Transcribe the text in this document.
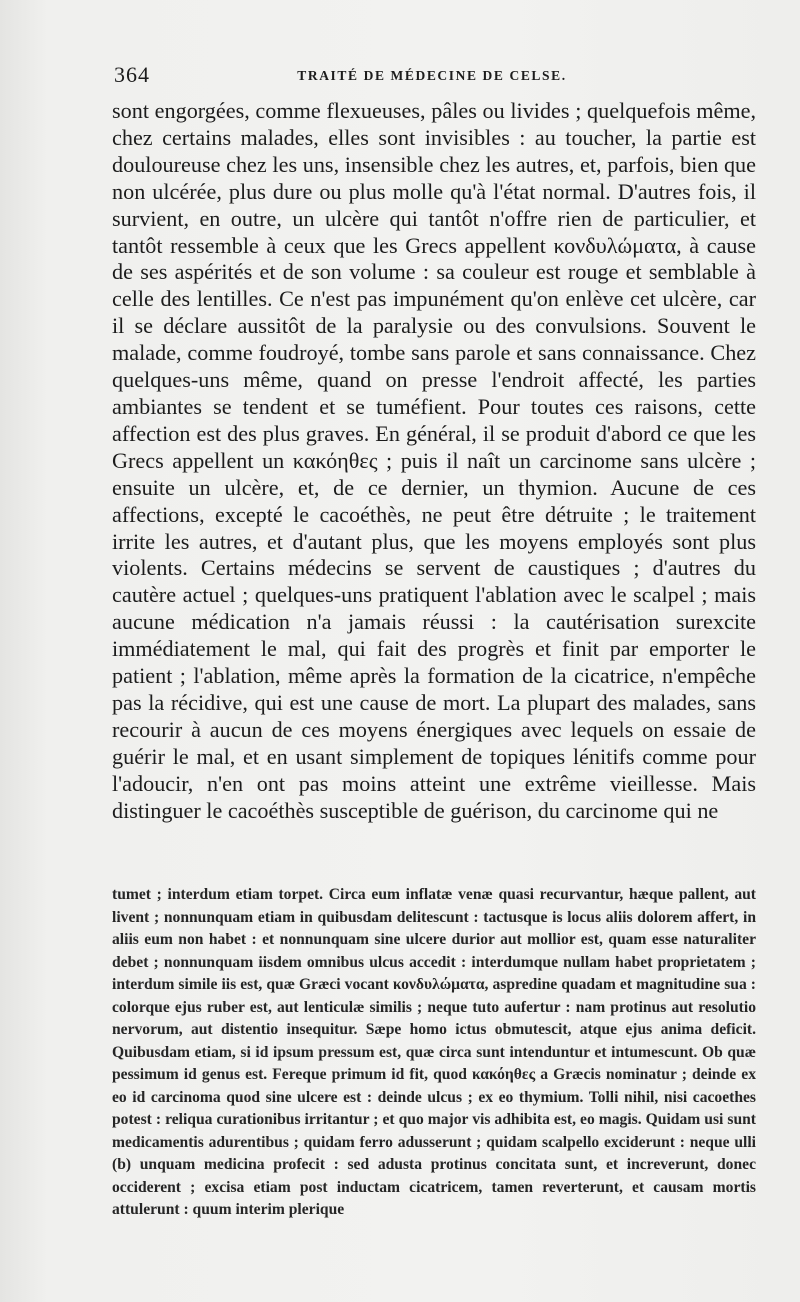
364	TRAITÉ DE MÉDECINE DE CELSE.

sont engorgées, comme flexueuses, pâles ou livides ; quelquefois même, chez certains malades, elles sont invisibles : au toucher, la partie est douloureuse chez les uns, insensible chez les autres, et, parfois, bien que non ulcérée, plus dure ou plus molle qu'à l'état normal. D'autres fois, il survient, en outre, un ulcère qui tantôt n'offre rien de particulier, et tantôt ressemble à ceux que les Grecs appellent κονδυλώματα, à cause de ses aspérités et de son volume : sa couleur est rouge et semblable à celle des lentilles. Ce n'est pas impunément qu'on enlève cet ulcère, car il se déclare aussitôt de la paralysie ou des convulsions. Souvent le malade, comme foudroyé, tombe sans parole et sans connaissance. Chez quelques-uns même, quand on presse l'endroit affecté, les parties ambiantes se tendent et se tuméfient. Pour toutes ces raisons, cette affection est des plus graves. En général, il se produit d'abord ce que les Grecs appellent un κακόηθες ; puis il naît un carcinome sans ulcère ; ensuite un ulcère, et, de ce dernier, un thymion. Aucune de ces affections, excepté le cacoéthès, ne peut être détruite ; le traitement irrite les autres, et d'autant plus, que les moyens employés sont plus violents. Certains médecins se servent de caustiques ; d'autres du cautère actuel ; quelques-uns pratiquent l'ablation avec le scalpel ; mais aucune médication n'a jamais réussi : la cautérisation surexcite immédiatement le mal, qui fait des progrès et finit par emporter le patient ; l'ablation, même après la formation de la cicatrice, n'empêche pas la récidive, qui est une cause de mort. La plupart des malades, sans recourir à aucun de ces moyens énergiques avec lequels on essaie de guérir le mal, et en usant simplement de topiques lénitifs comme pour l'adoucir, n'en ont pas moins atteint une extrême vieillesse. Mais distinguer le cacoéthès susceptible de guérison, du carcinome qui ne

tumet ; interdum etiam torpet. Circa eum inflatæ venæ quasi recurvantur, hæque pallent, aut livent ; nonnunquam etiam in quibusdam delitescunt : tactusque is locus aliis dolorem affert, in aliis eum non habet : et nonnunquam sine ulcere durior aut mollior est, quam esse naturaliter debet ; nonnunquam iisdem omnibus ulcus accedit : interdumque nullam habet proprietatem ; interdum simile iis est, quæ Græci vocant κονδυλώματα, aspredine quadam et magnitudine sua : colorque ejus ruber est, aut lenticulæ similis ; neque tuto aufertur : nam protinus aut resolutio nervorum, aut distentio insequitur. Sæpe homo ictus obmutescit, atque ejus anima deficit. Quibusdam etiam, si id ipsum pressum est, quæ circa sunt intenduntur et intumescunt. Ob quæ pessimum id genus est. Fereque primum id fit, quod κακόηθες a Græcis nominatur ; deinde ex eo id carcinoma quod sine ulcere est : deinde ulcus ; ex eo thymium. Tolli nihil, nisi cacoethes potest : reliqua curationibus irritantur ; et quo major vis adhibita est, eo magis. Quidam usi sunt medicamentis adurentibus ; quidam ferro adusserunt ; quidam scalpello exciderunt : neque ulli (b) unquam medicina profecit : sed adusta protinus concitata sunt, et increverunt, donec occiderent ; excisa etiam post inductam cicatricem, tamen reverterunt, et causam mortis attulerunt : quum interim plerique
